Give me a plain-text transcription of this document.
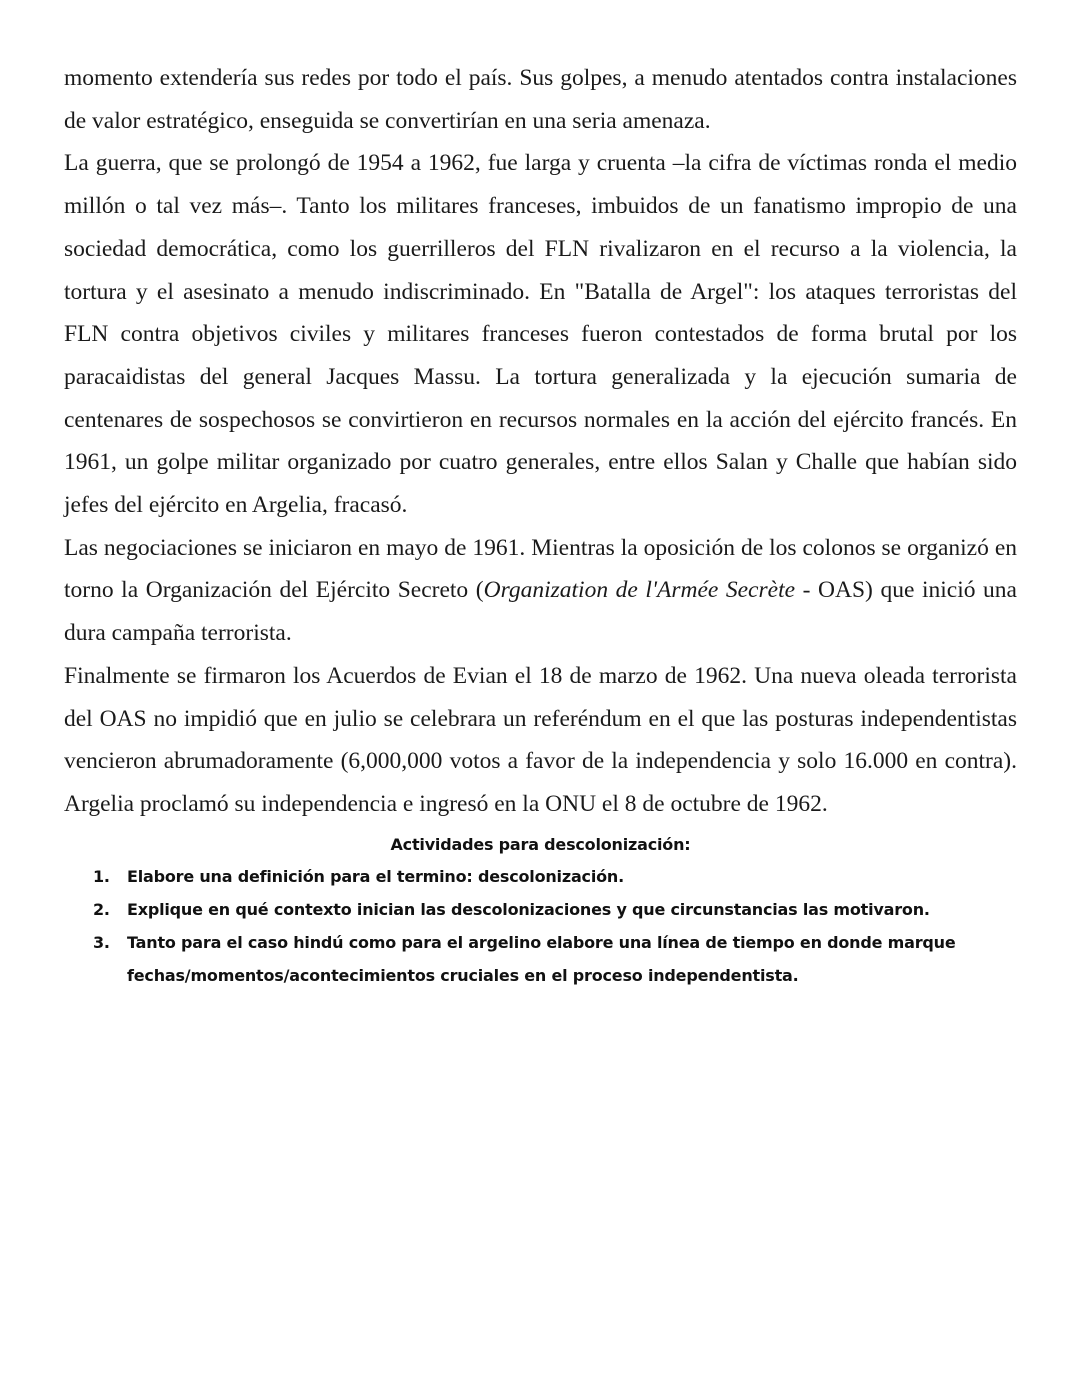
momento extendería sus redes por todo el país. Sus golpes, a menudo atentados contra instalaciones de valor estratégico, enseguida se convertirían en una seria amenaza.

La guerra, que se prolongó de 1954 a 1962, fue larga y cruenta –la cifra de víctimas ronda el medio millón o tal vez más–. Tanto los militares franceses, imbuidos de un fanatismo impropio de una sociedad democrática, como los guerrilleros del FLN rivalizaron en el recurso a la violencia, la tortura y el asesinato a menudo indiscriminado. En "Batalla de Argel": los ataques terroristas del FLN contra objetivos civiles y militares franceses fueron contestados de forma brutal por los paracaidistas del general Jacques Massu. La tortura generalizada y la ejecución sumaria de centenares de sospechosos se convirtieron en recursos normales en la acción del ejército francés. En 1961, un golpe militar organizado por cuatro generales, entre ellos Salan y Challe que habían sido jefes del ejército en Argelia, fracasó.

Las negociaciones se iniciaron en mayo de 1961. Mientras la oposición de los colonos se organizó en torno la Organización del Ejército Secreto (Organization de l'Armée Secrète - OAS) que inició una dura campaña terrorista.

Finalmente se firmaron los Acuerdos de Evian el 18 de marzo de 1962. Una nueva oleada terrorista del OAS no impidió que en julio se celebrara un referéndum en el que las posturas independentistas vencieron abrumadoramente (6,000,000 votos a favor de la independencia y solo 16.000 en contra). Argelia proclamó su independencia e ingresó en la ONU el 8 de octubre de 1962.

Actividades para descolonización:

1. Elabore una definición para el termino: descolonización.
2. Explique en qué contexto inician las descolonizaciones y que circunstancias las motivaron.
3. Tanto para el caso hindú como para el argelino elabore una línea de tiempo en donde marque fechas/momentos/acontecimientos cruciales en el proceso independentista.
